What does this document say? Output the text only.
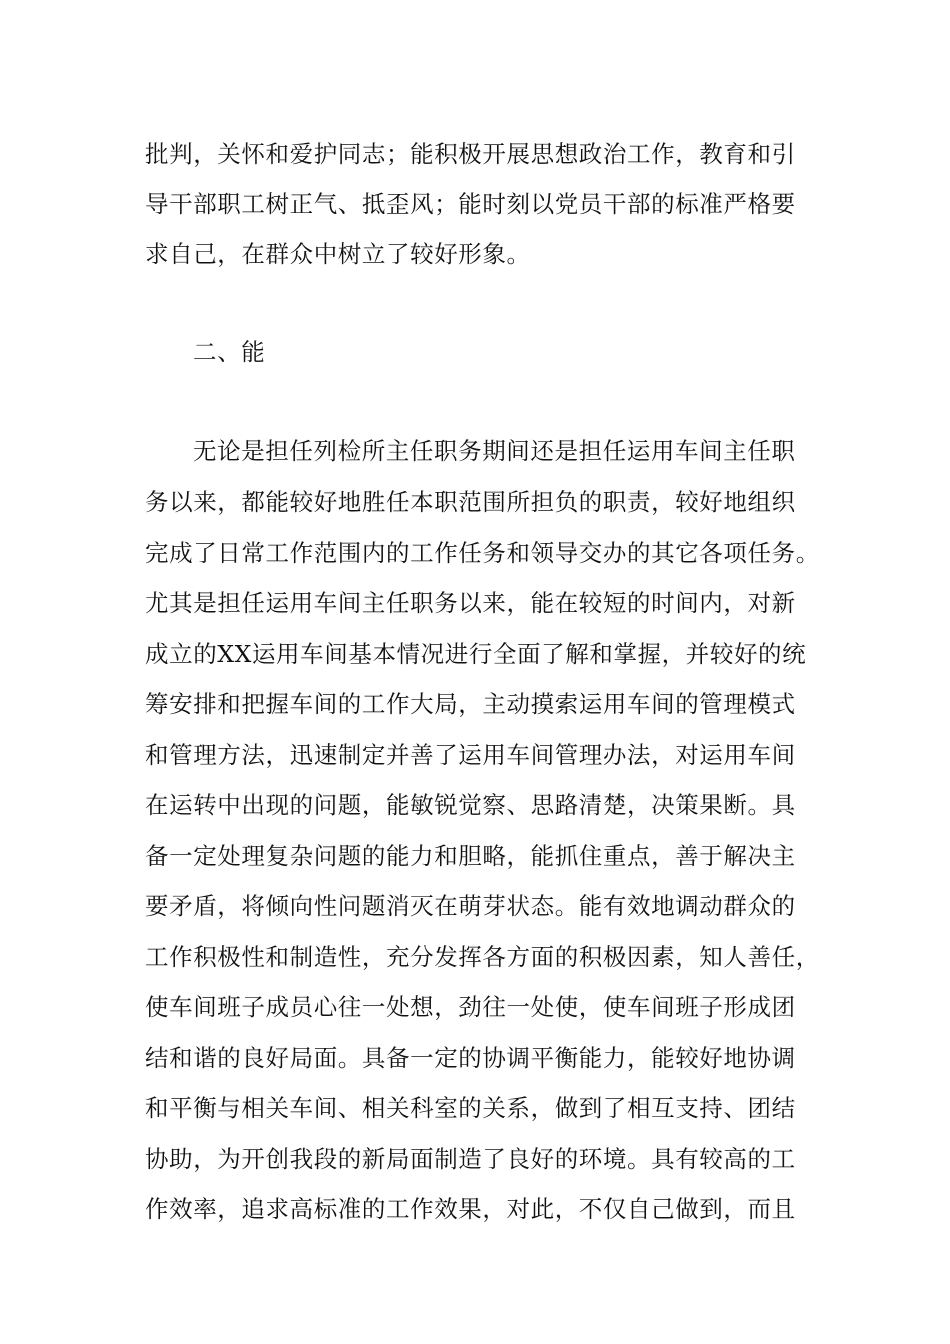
批判，关怀和爱护同志；能积极开展思想政治工作，教育和引
导干部职工树正气、抵歪风；能时刻以党员干部的标准严格要
求自己，在群众中树立了较好形象。
二、能
无论是担任列检所主任职务期间还是担任运用车间主任职
务以来，都能较好地胜任本职范围所担负的职责，较好地组织
完成了日常工作范围内的工作任务和领导交办的其它各项任务。
尤其是担任运用车间主任职务以来，能在较短的时间内，对新
成立的XX运用车间基本情况进行全面了解和掌握，并较好的统
筹安排和把握车间的工作大局，主动摸索运用车间的管理模式
和管理方法，迅速制定并善了运用车间管理办法，对运用车间
在运转中出现的问题，能敏锐觉察、思路清楚，决策果断。具
备一定处理复杂问题的能力和胆略，能抓住重点，善于解决主
要矛盾，将倾向性问题消灭在萌芽状态。能有效地调动群众的
工作积极性和制造性，充分发挥各方面的积极因素，知人善任，
使车间班子成员心往一处想，劲往一处使，使车间班子形成团
结和谐的良好局面。具备一定的协调平衡能力，能较好地协调
和平衡与相关车间、相关科室的关系，做到了相互支持、团结
协助，为开创我段的新局面制造了良好的环境。具有较高的工
作效率，追求高标准的工作效果，对此，不仅自己做到，而且
